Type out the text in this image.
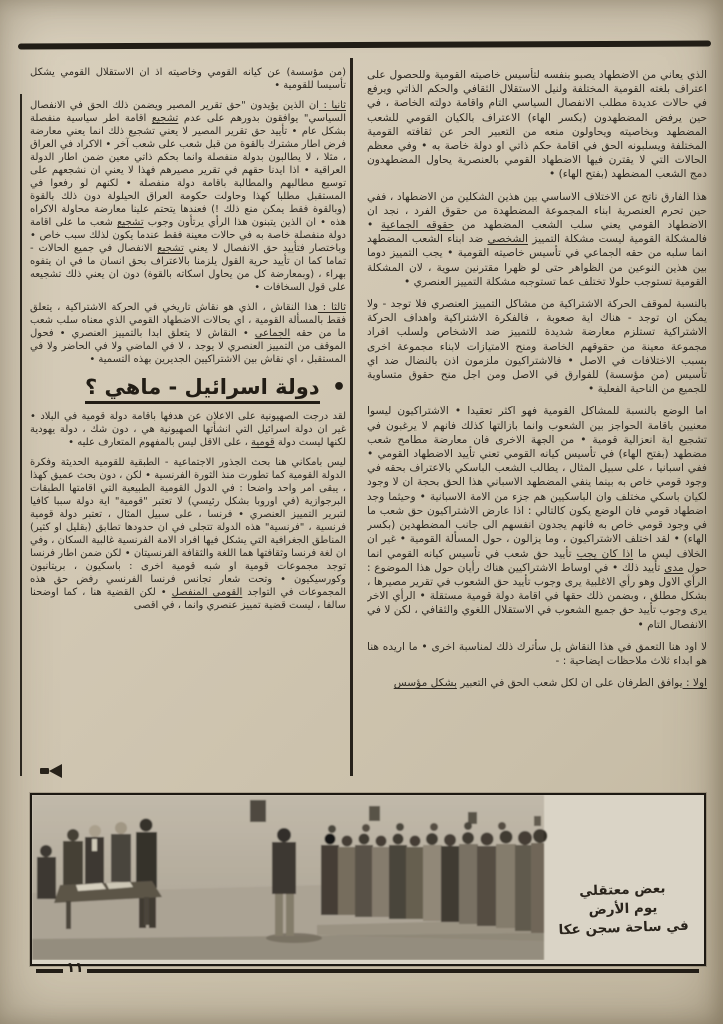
الذي يعاني من الاضطهاد يصبو بنفسه لتأسيس خاصيته القومية وللحصول على اعتراف بلغته القومية المختلفة ولنيل الاستقلال الثقافي والحكم الذاتي ويرفع في حالات عديدة مطلب الانفصال السياسي التام واقامة دولته الخاصة ، في حين يرفض المضطهدون (بكسر الهاء) الاعتراف بالكيان القومي للشعب المضطهد وبخاصيته ويحاولون منعه من التعبير الحر عن ثقافته القومية المختلفة ويسلبونه الحق في اقامة حكم ذاتي او دولة خاصة به • وفي معظم الحالات التي لا يقترن فيها الاضطهاد القومي بالعنصرية يحاول المضطهدون دمج الشعب المضطهد (بفتح الهاء) •

هذا الفارق ناتج عن الاختلاف الاساسي بين هذين الشكلين من الاضطهاد ، ففي حين تحرم العنصرية ابناء المجموعة المضطهدة من حقوق الفرد ، نجد ان الاضطهاد القومي يعني سلب الشعب المضطهد من حقوقه الجماعية • فالمشكلة القومية ليست مشكلة التمييز الشخصي ضد ابناء الشعب المضطهد انما سلبه من حقه الجماعي في تأسيس خاصيته القومية • يجب التمييز دوما بين هذين النوعين من الظواهر حتى لو ظهرا مقترنين سوية ، لان المشكلة القومية تستوجب حلولا تختلف عما تستوجبه مشكلة التمييز العنصري •

بالنسبة لموقف الحركة الاشتراكية من مشاكل التمييز العنصري فلا توجد - ولا يمكن ان توجد - هناك اية صعوبة ، فالفكرة الاشتراكية واهداف الحركة الاشتراكية تستلزم معارضة شديدة للتمييز ضد الاشخاص ولسلب افراد مجموعة معينة من حقوقهم الخاصة ومنح الامتيازات لابناء مجموعة اخرى بسبب الاختلافات في الاصل • فالاشتراكيون ملزمون اذن بالنضال ضد اي تأسيس (من مؤسسة) للفوارق في الاصل ومن اجل منح حقوق متساوية للجميع من الناحية الفعلية •

اما الوضع بالنسبة للمشاكل القومية فهو اكثر تعقيدا • الاشتراكيون ليسوا معنيين باقامة الحواجز بين الشعوب وانما بازالتها كذلك فانهم لا يرغبون في تشجيع اية انعزالية قومية • من الجهة الاخرى فان معارضة مطامح شعب مضطهد (بفتح الهاء) في تأسيس كيانه القومي تعني تأييد الاضطهاد القومي • ففي اسبانيا ، على سبيل المثال ، يطالب الشعب الباسكي بالاعتراف بحقه في وجود قومي خاص به بينما ينفي المضطهد الاسباني هذا الحق بحجة ان لا وجود لكيان باسكي مختلف وان الباسكيين هم جزء من الامة الاسبانية • وحيثما وجد اضطهاد قومي فان الوضع يكون كالتالي : اذا عارض الاشتراكيون حق شعب ما في وجود قومي خاص به فانهم يجدون انفسهم الى جانب المضطهدين (بكسر الهاء) • لقد اختلف الاشتراكيون ، وما يزالون ، حول المسألة القومية • غير ان الخلاف ليس ما اذا كان يجب تأييد حق شعب في تأسيس كيانه القومي انما حول مدى تأييد ذلك • في اوساط الاشتراكيين هناك رأيان حول هذا الموضوع : الرأي الاول وهو رأي الاغلبية يرى وجوب تأييد حق الشعوب في تقرير مصيرها ، بشكل مطلق ، وبضمن ذلك حقها في اقامة دولة قومية مستقلة • الرأي الاخر يرى وجوب تأييد حق جميع الشعوب في الاستقلال اللغوي والثقافي ، لكن لا في الانفصال التام •

لا اود هنا التعمق في هذا النقاش بل سأترك ذلك لمناسبة اخرى • ما اريده هنا هو ابداء ثلاث ملاحظات ايضاحية : -

اولا : يوافق الطرفان على ان لكل شعب الحق في التعبير بشكل مؤسس

(من مؤسسة) عن كيانه القومي وخاصيته اذ ان الاستقلال القومي يشكل تأسيسا للقومية •

ثانيا : ان الذين يؤيدون "حق تقرير المصير ويضمن ذلك الحق في الانفصال السياسي" يوافقون بدورهم على عدم تشجيع اقامة اطر سياسية منفصلة بشكل عام • تأييد حق تقرير المصير لا يعني تشجيع ذلك انما يعني معارضة فرض اطار مشترك بالقوة من قبل شعب على شعب آخر • الاكراد في العراق ، مثلا ، لا يطالبون بدولة منفصلة وانما بحكم ذاتي معين ضمن اطار الدولة العراقية • اذا ايدنا حقهم في تقرير مصيرهم فهذا لا يعني ان نشجعهم على توسيع مطالبهم والمطالبة باقامة دولة منفصلة • لكنهم لو رفعوا في المستقبل مطلبا كهذا وحاولت حكومة العراق الحيلولة دون ذلك بالقوة (وبالقوة فقط يمكن منع ذلك !) فعندها يتحتم علينا معارضة محاولة الاكراه هذه • ان الذين يتبنون هذا الرأي يرتأون وجوب تشجيع شعب ما على اقامة دولة منفصلة خاصة به في حالات معينة فقط عندما يكون لذلك سبب خاص • وباختصار فتأييد حق الانفصال لا يعني تشجيع الانفصال في جميع الحالات - تماما كما ان تأييد حرية القول يلزمنا بالاعتراف بحق انسان ما في ان يتفوه بهراء ، (وبمعارضة كل من يحاول اسكاته بالقوة) دون ان يعني ذلك تشجيعه على قول السخافات •

ثالثا : هذا النقاش ، الذي هو نقاش تاريخي في الحركة الاشتراكية ، يتعلق فقط بالمسألة القومية ، اي بحالات الاضطهاد القومي الذي معناه سلب شعب ما من حقه الجماعي • النقاش لا يتعلق ابدا بالتمييز العنصري • فحول الموقف من التمييز العنصري لا يوجد ، لا في الماضي ولا في الحاضر ولا في المستقبل ، اي نقاش بين الاشتراكيين الجديرين بهذه التسمية •

• دولة اسرائيل - ماهي ؟

لقد درجت الصهيونية على الاعلان عن هدفها باقامة دولة قومية في البلاد • غير ان دولة اسرائيل التي انشأتها الصهيونية هي ، دون شك ، دولة يهودية لكنها ليست دولة قومية ، على الاقل ليس بالمفهوم المتعارف عليه •

ليس بامكاني هنا بحث الجذور الاجتماعية - الطبقية للقومية الحديثة وفكرة الدولة القومية كما تطورت منذ الثورة الفرنسية • لكن ، دون بحث عميق كهذا ، يبقى امر واحد واضحا : في الدول القومية الطبيعية التي اقامتها الطبقات البرجوازية (في اوروبا بشكل رئيسي) لا تعتبر "قومية" اية دولة سببا كافيا لتبرير التمييز العنصري • فرنسا ، على سبيل المثال ، تعتبر دولة قومية فرنسية ، "فرنسية" هذه الدولة تتجلى في ان حدودها تطابق (بقليل او كثير) المناطق الجغرافية التي يشكل فيها افراد الامة الفرنسية غالبية السكان ، وفي ان لغة فرنسا وثقافتها هما اللغة والثقافة الفرنسيتان • لكن ضمن اطار فرنسا توجد مجموعات قومية او شبه قومية اخرى : باسكيون ، بريتانيون وكورسيكيون • وتحت شعار تجانس فرنسا الفرنسي رفض حق هذه المجموعات في التواجد القومي المنفصل • لكن القضية هنا ، كما اوضحنا سالفا ، ليست قضية تمييز عنصري وانما ، في اقصى

بعض معتقلي
يوم الأرض
في ساحة سجن عكا
١١
